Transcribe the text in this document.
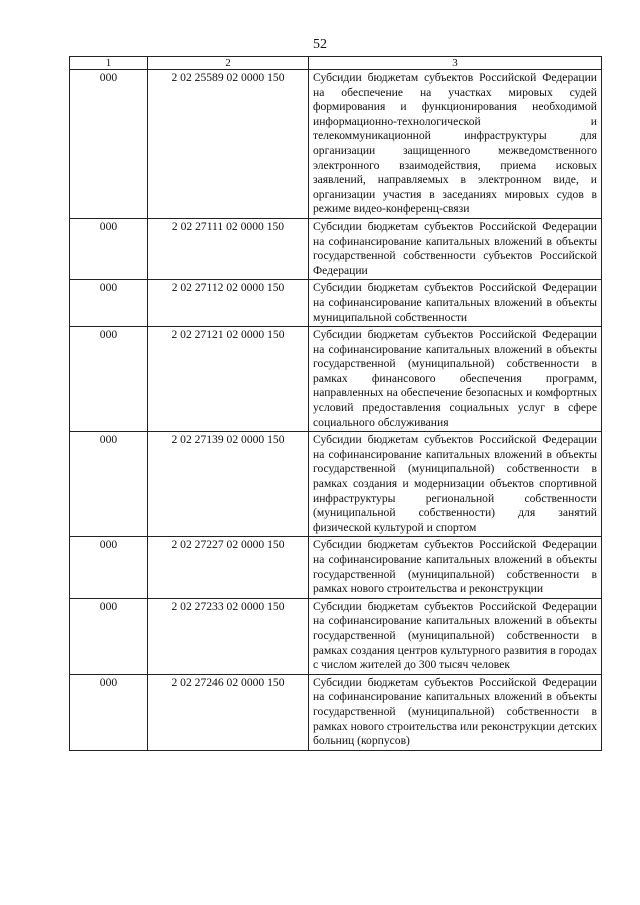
52
1	2	3
000	2 02 25589 02 0000 150	Субсидии бюджетам субъектов Российской Федерации на обеспечение на участках мировых судей формирования и функционирования необходимой информационно-технологической и телекоммуникационной инфраструктуры для организации защищенного межведомственного электронного взаимодействия, приема исковых заявлений, направляемых в электронном виде, и организации участия в заседаниях мировых судов в режиме видео-конференц-связи
000	2 02 27111 02 0000 150	Субсидии бюджетам субъектов Российской Федерации на софинансирование капитальных вложений в объекты государственной собственности субъектов Российской Федерации
000	2 02 27112 02 0000 150	Субсидии бюджетам субъектов Российской Федерации на софинансирование капитальных вложений в объекты муниципальной собственности
000	2 02 27121 02 0000 150	Субсидии бюджетам субъектов Российской Федерации на софинансирование капитальных вложений в объекты государственной (муниципальной) собственности в рамках финансового обеспечения программ, направленных на обеспечение безопасных и комфортных условий предоставления социальных услуг в сфере социального обслуживания
000	2 02 27139 02 0000 150	Субсидии бюджетам субъектов Российской Федерации на софинансирование капитальных вложений в объекты государственной (муниципальной) собственности в рамках создания и модернизации объектов спортивной инфраструктуры региональной собственности (муниципальной собственности) для занятий физической культурой и спортом
000	2 02 27227 02 0000 150	Субсидии бюджетам субъектов Российской Федерации на софинансирование капитальных вложений в объекты государственной (муниципальной) собственности в рамках нового строительства и реконструкции
000	2 02 27233 02 0000 150	Субсидии бюджетам субъектов Российской Федерации на софинансирование капитальных вложений в объекты государственной (муниципальной) собственности в рамках создания центров культурного развития в городах с числом жителей до 300 тысяч человек
000	2 02 27246 02 0000 150	Субсидии бюджетам субъектов Российской Федерации на софинансирование капитальных вложений в объекты государственной (муниципальной) собственности в рамках нового строительства или реконструкции детских больниц (корпусов)
